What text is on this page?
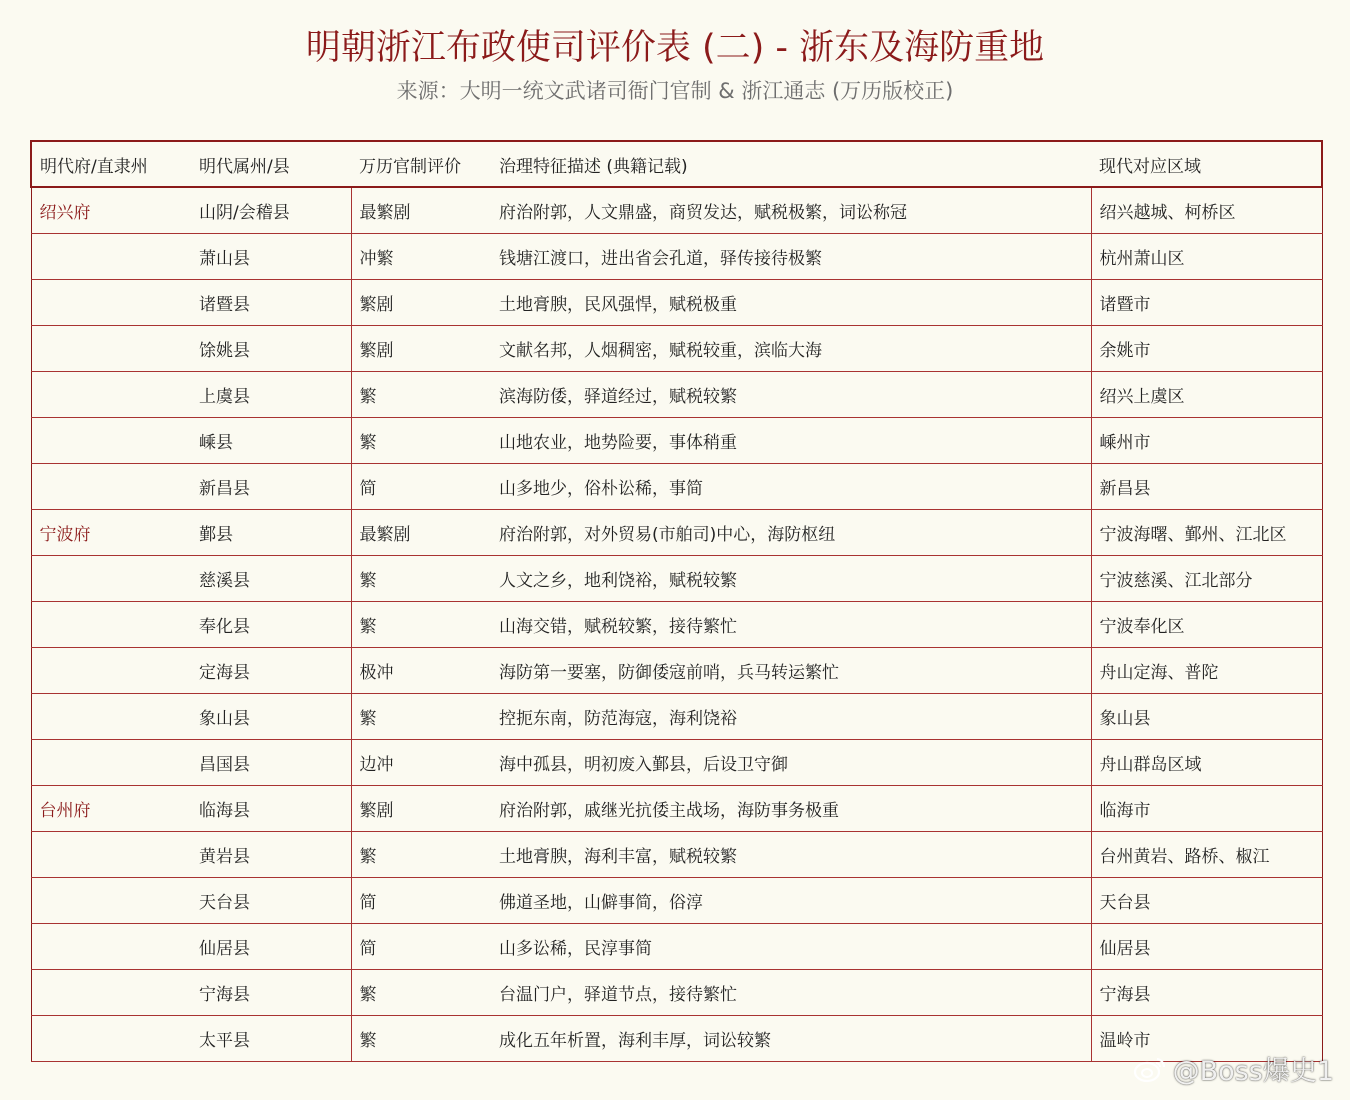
明朝浙江布政使司评价表 (二) - 浙东及海防重地
来源：大明一统文武诸司衙门官制 & 浙江通志 (万历版校正)
明代府/直隶州	明代属州/县	万历官制评价	治理特征描述 (典籍记载)	现代对应区域
绍兴府	山阴/会稽县	最繁剧	府治附郭，人文鼎盛，商贸发达，赋税极繁，词讼称冠	绍兴越城、柯桥区
	萧山县	冲繁	钱塘江渡口，进出省会孔道，驿传接待极繁	杭州萧山区
	诸暨县	繁剧	土地膏腴，民风强悍，赋税极重	诸暨市
	馀姚县	繁剧	文献名邦，人烟稠密，赋税较重，滨临大海	余姚市
	上虞县	繁	滨海防倭，驿道经过，赋税较繁	绍兴上虞区
	嵊县	繁	山地农业，地势险要，事体稍重	嵊州市
	新昌县	简	山多地少，俗朴讼稀，事简	新昌县
宁波府	鄞县	最繁剧	府治附郭，对外贸易(市舶司)中心，海防枢纽	宁波海曙、鄞州、江北区
	慈溪县	繁	人文之乡，地利饶裕，赋税较繁	宁波慈溪、江北部分
	奉化县	繁	山海交错，赋税较繁，接待繁忙	宁波奉化区
	定海县	极冲	海防第一要塞，防御倭寇前哨，兵马转运繁忙	舟山定海、普陀
	象山县	繁	控扼东南，防范海寇，海利饶裕	象山县
	昌国县	边冲	海中孤县，明初废入鄞县，后设卫守御	舟山群岛区域
台州府	临海县	繁剧	府治附郭，戚继光抗倭主战场，海防事务极重	临海市
	黄岩县	繁	土地膏腴，海利丰富，赋税较繁	台州黄岩、路桥、椒江
	天台县	简	佛道圣地，山僻事简，俗淳	天台县
	仙居县	简	山多讼稀，民淳事简	仙居县
	宁海县	繁	台温门户，驿道节点，接待繁忙	宁海县
	太平县	繁	成化五年析置，海利丰厚，词讼较繁	温岭市
@Boss爆史1
